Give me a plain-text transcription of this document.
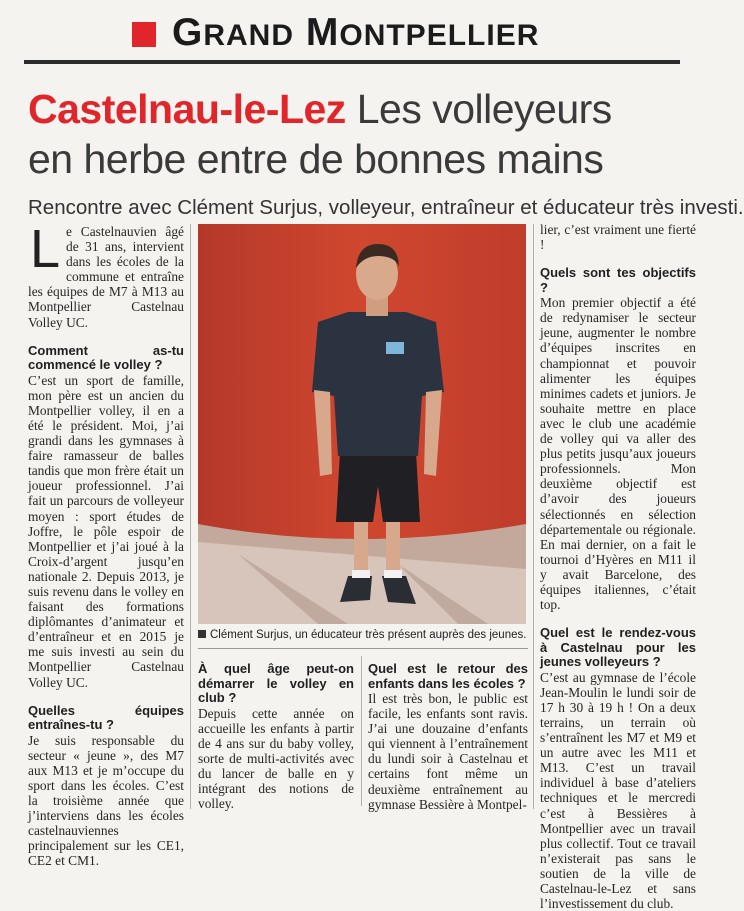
GRAND MONTPELLIER
Castelnau-le-Lez Les volleyeurs
en herbe entre de bonnes mains
Rencontre avec Clément Surjus, volleyeur, entraîneur et éducateur très investi.
L e Castelnauvien âgé de 31 ans, intervient dans les écoles de la commune et entraîne les équipes de M7 à M13 au Montpellier Castelnau Volley UC.

Comment as-tu commencé le volley ?

C’est un sport de famille, mon père est un ancien du Montpellier volley, il en a été le président. Moi, j’ai grandi dans les gymnases à faire ramasseur de balles tandis que mon frère était un joueur professionnel. J’ai fait un parcours de volleyeur moyen : sport études de Joffre, le pôle espoir de Montpellier et j’ai joué à la Croix-d’argent jusqu’en nationale 2. Depuis 2013, je suis revenu dans le volley en faisant des formations diplômantes d’animateur et d’entraîneur et en 2015 je me suis investi au sein du Montpellier Castelnau Volley UC.

Quelles équipes entraînes-tu ?

Je suis responsable du secteur « jeune », des M7 aux M13 et je m’occupe du sport dans les écoles. C’est la troisième année que j’interviens dans les écoles castelnauviennes principalement sur les CE1, CE2 et CM1.

Clément Surjus, un éducateur très présent auprès des jeunes.

À quel âge peut-on démarrer le volley en club ?

Depuis cette année on accueille les enfants à partir de 4 ans sur du baby volley, sorte de multi-activités avec du lancer de balle en y intégrant des notions de volley.

Quel est le retour des enfants dans les écoles ?

Il est très bon, le public est facile, les enfants sont ravis. J’ai une douzaine d’enfants qui viennent à l’entraînement du lundi soir à Castelnau et certains font même un deuxième entraînement au gymnase Bessière à Montpel-

lier, c’est vraiment une fierté !

Quels sont tes objectifs ?

Mon premier objectif a été de redynamiser le secteur jeune, augmenter le nombre d’équipes inscrites en championnat et pouvoir alimenter les équipes minimes cadets et juniors. Je souhaite mettre en place avec le club une académie de volley qui va aller des plus petits jusqu’aux joueurs professionnels. Mon deuxième objectif est d’avoir des joueurs sélectionnés en sélection départementale ou régionale. En mai dernier, on a fait le tournoi d’Hyères en M11 il y avait Barcelone, des équipes italiennes, c’était top.

Quel est le rendez-vous à Castelnau pour les jeunes volleyeurs ?

C’est au gymnase de l’école Jean-Moulin le lundi soir de 17 h 30 à 19 h ! On a deux terrains, un terrain où s’entraînent les M7 et M9 et un autre avec les M11 et M13. C’est un travail individuel à base d’ateliers techniques et le mercredi c’est à Bessières à Montpellier avec un travail plus collectif. Tout ce travail n’existerait pas sans le soutien de la ville de Castelnau-le-Lez et sans l’investissement du club.
